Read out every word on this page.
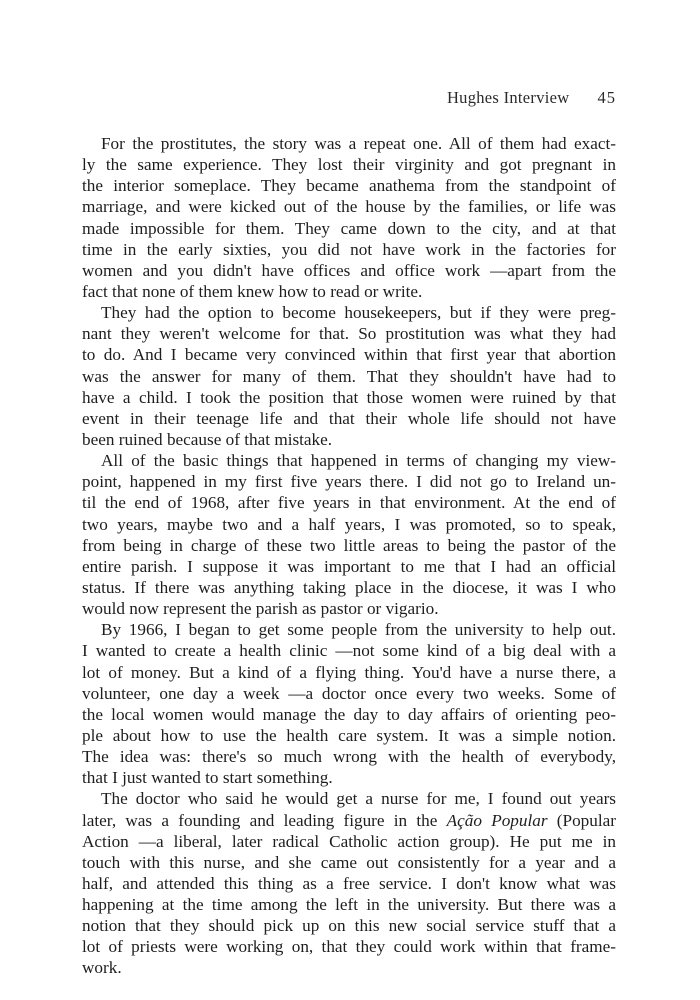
Hughes Interview 45
For the prostitutes, the story was a repeat one. All of them had exact-
ly the same experience. They lost their virginity and got pregnant in
the interior someplace. They became anathema from the standpoint of
marriage, and were kicked out of the house by the families, or life was
made impossible for them. They came down to the city, and at that
time in the early sixties, you did not have work in the factories for
women and you didn't have offices and office work —apart from the
fact that none of them knew how to read or write.
They had the option to become housekeepers, but if they were preg-
nant they weren't welcome for that. So prostitution was what they had
to do. And I became very convinced within that first year that abortion
was the answer for many of them. That they shouldn't have had to
have a child. I took the position that those women were ruined by that
event in their teenage life and that their whole life should not have
been ruined because of that mistake.
All of the basic things that happened in terms of changing my view-
point, happened in my first five years there. I did not go to Ireland un-
til the end of 1968, after five years in that environment. At the end of
two years, maybe two and a half years, I was promoted, so to speak,
from being in charge of these two little areas to being the pastor of the
entire parish. I suppose it was important to me that I had an official
status. If there was anything taking place in the diocese, it was I who
would now represent the parish as pastor or vigario.
By 1966, I began to get some people from the university to help out.
I wanted to create a health clinic —not some kind of a big deal with a
lot of money. But a kind of a flying thing. You'd have a nurse there, a
volunteer, one day a week —a doctor once every two weeks. Some of
the local women would manage the day to day affairs of orienting peo-
ple about how to use the health care system. It was a simple notion.
The idea was: there's so much wrong with the health of everybody,
that I just wanted to start something.
The doctor who said he would get a nurse for me, I found out years
later, was a founding and leading figure in the Ação Popular (Popular
Action —a liberal, later radical Catholic action group). He put me in
touch with this nurse, and she came out consistently for a year and a
half, and attended this thing as a free service. I don't know what was
happening at the time among the left in the university. But there was a
notion that they should pick up on this new social service stuff that a
lot of priests were working on, that they could work within that frame-
work.
